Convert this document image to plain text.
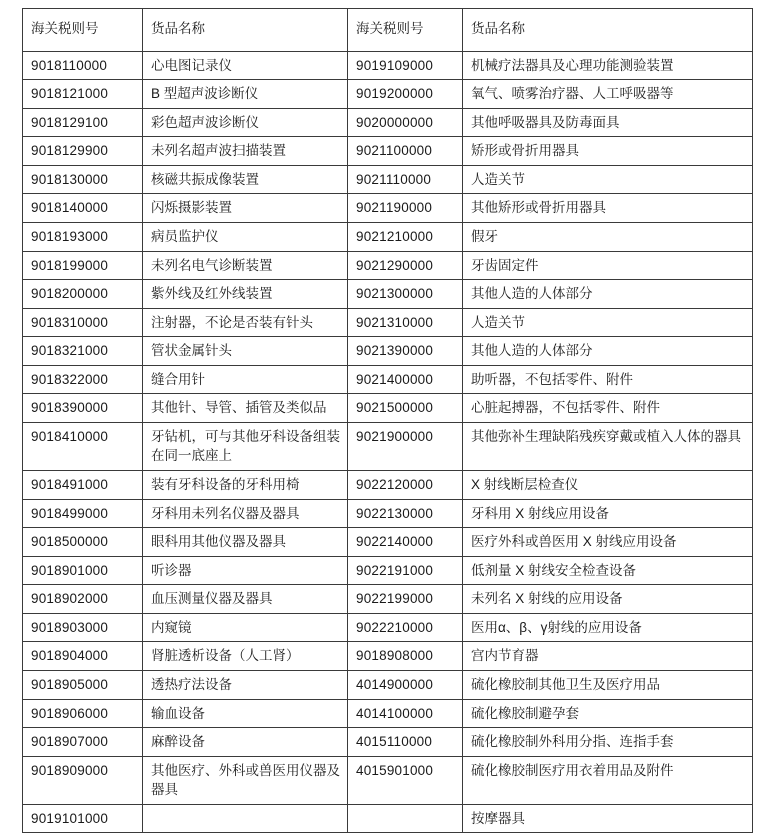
海关税则号	货品名称	海关税则号	货品名称
9018110000	心电图记录仪	9019109000	机械疗法器具及心理功能测验装置
9018121000	B 型超声波诊断仪	9019200000	氧气、喷雾治疗器、人工呼吸器等
9018129100	彩色超声波诊断仪	9020000000	其他呼吸器具及防毒面具
9018129900	未列名超声波扫描装置	9021100000	矫形或骨折用器具
9018130000	核磁共振成像装置	9021110000	人造关节
9018140000	闪烁摄影装置	9021190000	其他矫形或骨折用器具
9018193000	病员监护仪	9021210000	假牙
9018199000	未列名电气诊断装置	9021290000	牙齿固定件
9018200000	紫外线及红外线装置	9021300000	其他人造的人体部分
9018310000	注射器，不论是否装有针头	9021310000	人造关节
9018321000	管状金属针头	9021390000	其他人造的人体部分
9018322000	缝合用针	9021400000	助听器，不包括零件、附件
9018390000	其他针、导管、插管及类似品	9021500000	心脏起搏器，不包括零件、附件
9018410000	牙钻机，可与其他牙科设备组装在同一底座上	9021900000	其他弥补生理缺陷残疾穿戴或植入人体的器具
9018491000	装有牙科设备的牙科用椅	9022120000	X 射线断层检查仪
9018499000	牙科用未列名仪器及器具	9022130000	牙科用 X 射线应用设备
9018500000	眼科用其他仪器及器具	9022140000	医疗外科或兽医用 X 射线应用设备
9018901000	听诊器	9022191000	低剂量 X 射线安全检查设备
9018902000	血压测量仪器及器具	9022199000	未列名 X 射线的应用设备
9018903000	内窥镜	9022210000	医用α、β、γ射线的应用设备
9018904000	肾脏透析设备（人工肾）	9018908000	宫内节育器
9018905000	透热疗法设备	4014900000	硫化橡胶制其他卫生及医疗用品
9018906000	输血设备	4014100000	硫化橡胶制避孕套
9018907000	麻醉设备	4015110000	硫化橡胶制外科用分指、连指手套
9018909000	其他医疗、外科或兽医用仪器及器具	4015901000	硫化橡胶制医疗用衣着用品及附件
9019101000			按摩器具
